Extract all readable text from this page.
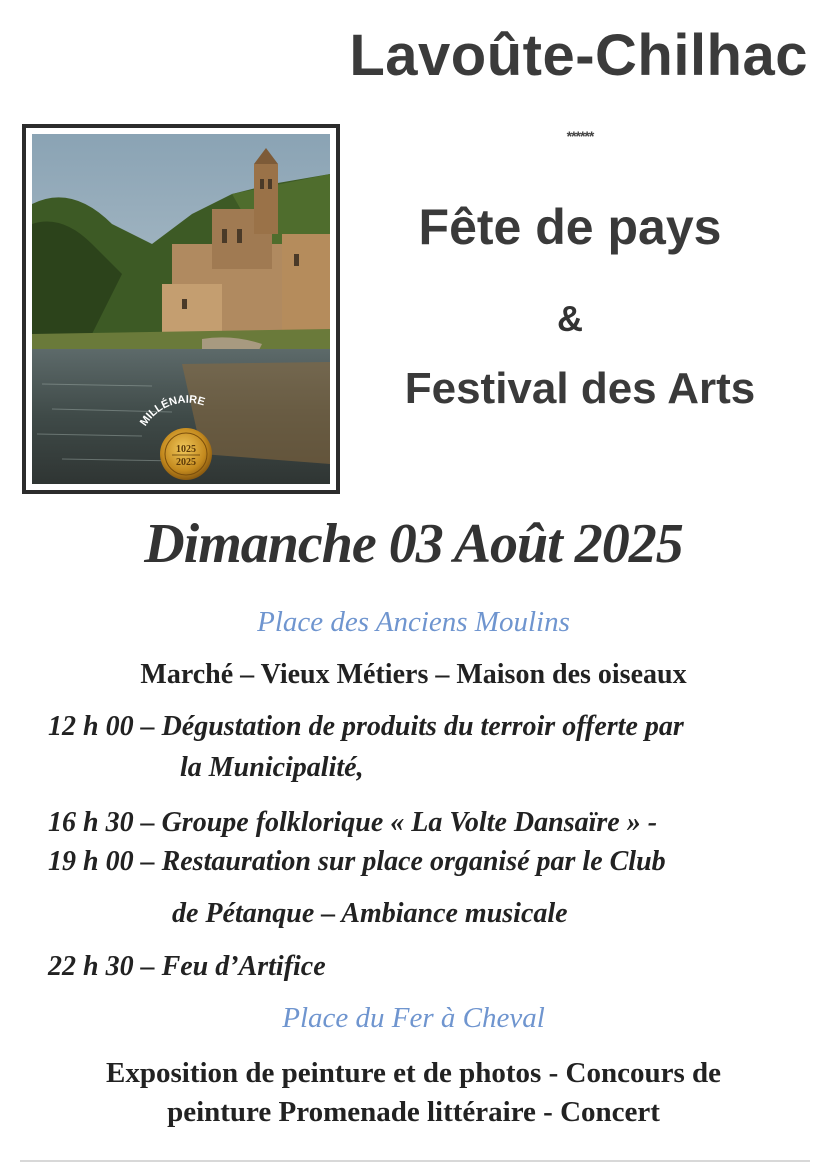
Lavoûte-Chilhac
******
MILLÉNAIRE
1025
2025
Fête de pays
&
Festival des Arts
Dimanche 03 Août 2025
Place des Anciens Moulins
Marché – Vieux Métiers – Maison des oiseaux
12 h 00 – Dégustation de produits du terroir offerte par
la Municipalité,
16 h 30 – Groupe folklorique « La Volte Dansaïre » -
19 h 00 – Restauration sur place organisé par le Club
de Pétanque – Ambiance musicale
22 h 30 – Feu d’Artifice
Place du Fer à Cheval
Exposition de peinture et de photos - Concours de
peinture Promenade littéraire - Concert
